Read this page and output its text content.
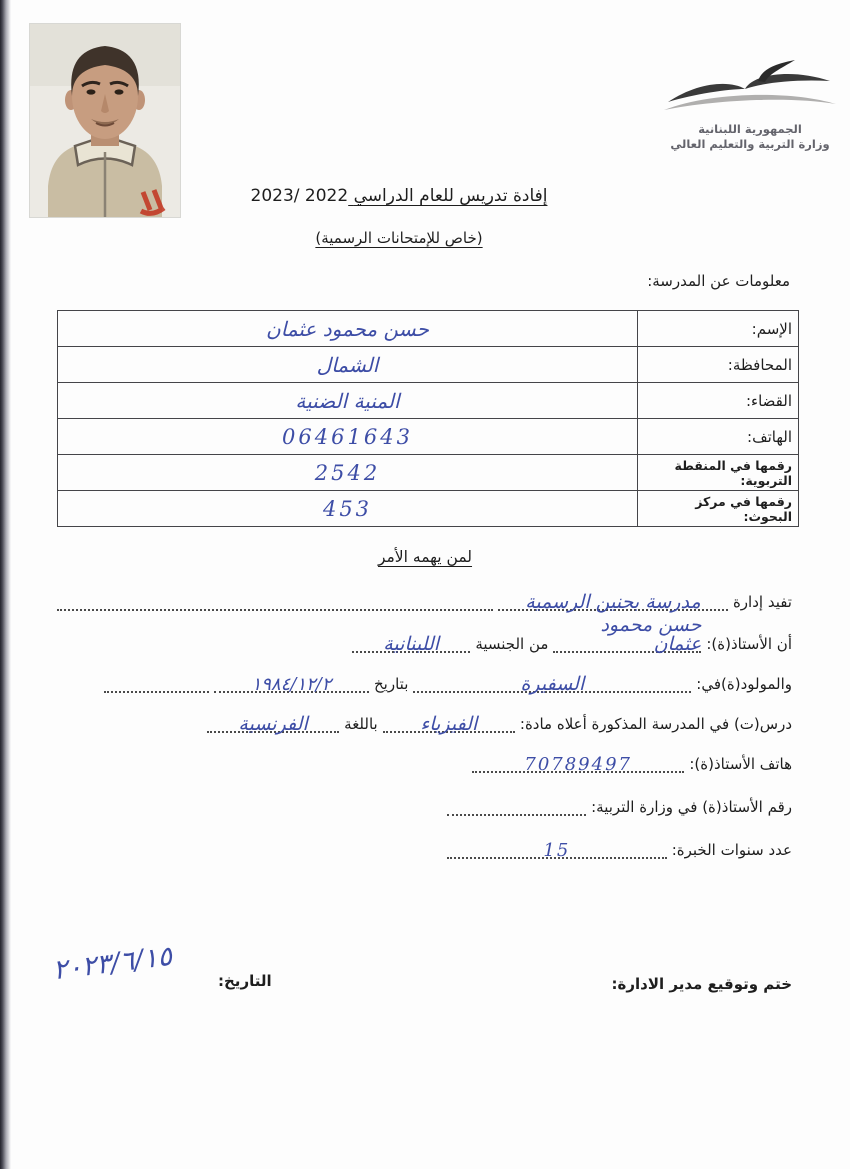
الجمهورية اللبنانية
وزارة التربية والتعليم العالي
إفادة تدريس للعام الدراسي 2023/ 2022
(خاص للإمتحانات الرسمية)
معلومات عن المدرسة:
الإسم:	حسن محمود عثمان
المحافظة:	الشمال
القضاء:	المنية الضنية
الهاتف:	06461643
رقمها في المنقطة التربوية:	2542
رقمها في مركز البحوث:	453
لمن يهمه الأمر
تفيد إدارة
مدرسة بحنين الرسمية
أن الأستاذ(ة):
حسن محمود عثمان
من الجنسية
اللبنانية
والمولود(ة)في:
السفيرة
بتاريخ
١٩٨٤/١٢/٢
درس(ت) في المدرسة المذكورة أعلاه مادة:
الفيزياء
باللغة
الفرنسية
هاتف الأستاذ(ة):
70789497
رقم الأستاذ(ة) في وزارة التربية:
عدد سنوات الخبرة:
15
ختم وتوقيع مدير الادارة:
التاريخ:
٢٠٢٣/٦/١٥
